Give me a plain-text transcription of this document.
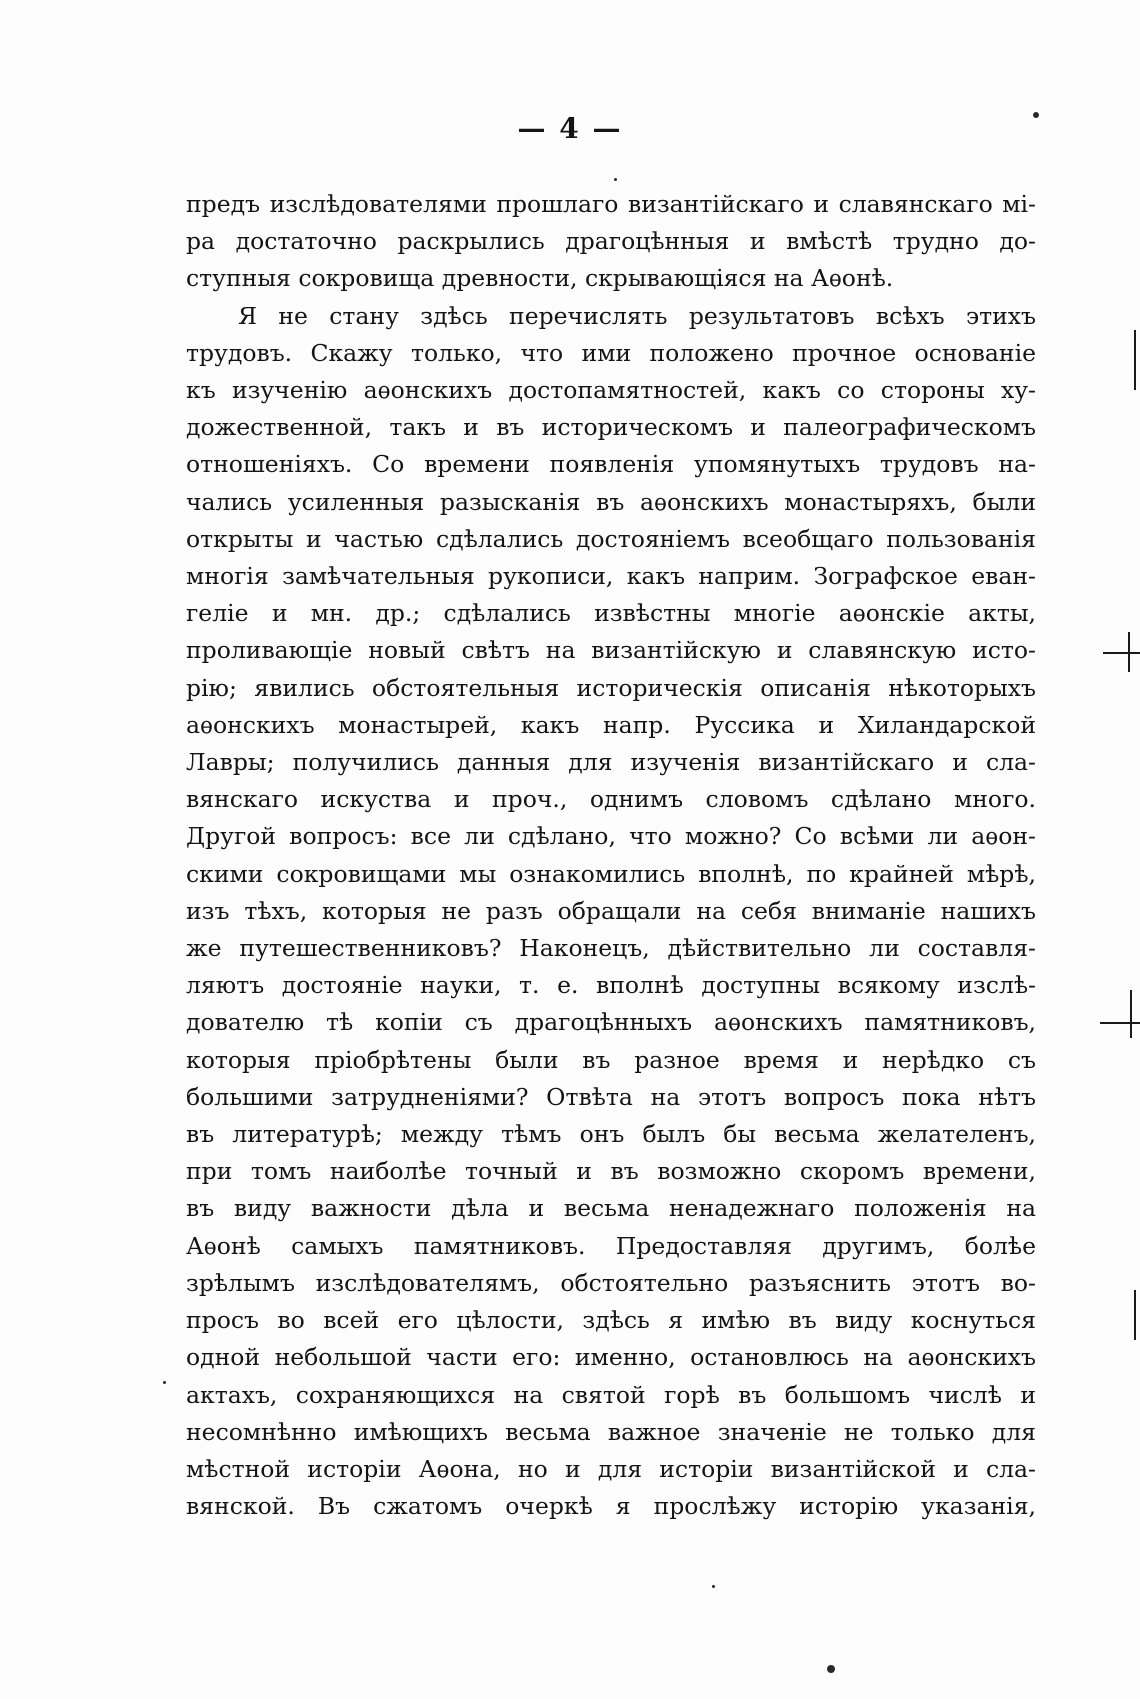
— 4 —
предъ изслѣдователями прошлаго византійскаго и славянскаго мі-
ра достаточно раскрылись драгоцѣнныя и вмѣстѣ трудно до-
ступныя сокровища древности, скрывающіяся на Аѳонѣ.
Я не стану здѣсь перечислять результатовъ всѣхъ этихъ
трудовъ. Скажу только, что ими положено прочное основаніе
къ изученію аѳонскихъ достопамятностей, какъ со стороны ху-
дожественной, такъ и въ историческомъ и палеографическомъ
отношеніяхъ. Со времени появленія упомянутыхъ трудовъ на-
чались усиленныя разысканія въ аѳонскихъ монастыряхъ, были
открыты и частью сдѣлались достояніемъ всеобщаго пользованія
многія замѣчательныя рукописи, какъ наприм. Зографское еван-
геліе и мн. др.; сдѣлались извѣстны многіе аѳонскіе акты,
проливающіе новый свѣтъ на византійскую и славянскую исто-
рію; явились обстоятельныя историческія описанія нѣкоторыхъ
аѳонскихъ монастырей, какъ напр. Руссика и Хиландарской
Лавры; получились данныя для изученія византійскаго и сла-
вянскаго искуства и проч., однимъ словомъ сдѣлано много.
Другой вопросъ: все ли сдѣлано, что можно? Со всѣми ли аѳон-
скими сокровищами мы ознакомились вполнѣ, по крайней мѣрѣ,
изъ тѣхъ, которыя не разъ обращали на себя вниманіе нашихъ
же путешественниковъ? Наконецъ, дѣйствительно ли составля-
ляютъ достояніе науки, т. е. вполнѣ доступны всякому изслѣ-
дователю тѣ копіи съ драгоцѣнныхъ аѳонскихъ памятниковъ,
которыя пріобрѣтены были въ разное время и нерѣдко съ
большими затрудненіями? Отвѣта на этотъ вопросъ пока нѣтъ
въ литературѣ; между тѣмъ онъ былъ бы весьма желателенъ,
при томъ наиболѣе точный и въ возможно скоромъ времени,
въ виду важности дѣла и весьма ненадежнаго положенія на
Аѳонѣ самыхъ памятниковъ. Предоставляя другимъ, болѣе
зрѣлымъ изслѣдователямъ, обстоятельно разъяснить этотъ во-
просъ во всей его цѣлости, здѣсь я имѣю въ виду коснуться
одной небольшой части его: именно, остановлюсь на аѳонскихъ
актахъ, сохраняющихся на святой горѣ въ большомъ числѣ и
несомнѣнно имѣющихъ весьма важное значеніе не только для
мѣстной исторіи Аѳона, но и для исторіи византійской и сла-
вянской. Въ сжатомъ очеркѣ я прослѣжу исторію указанія,
